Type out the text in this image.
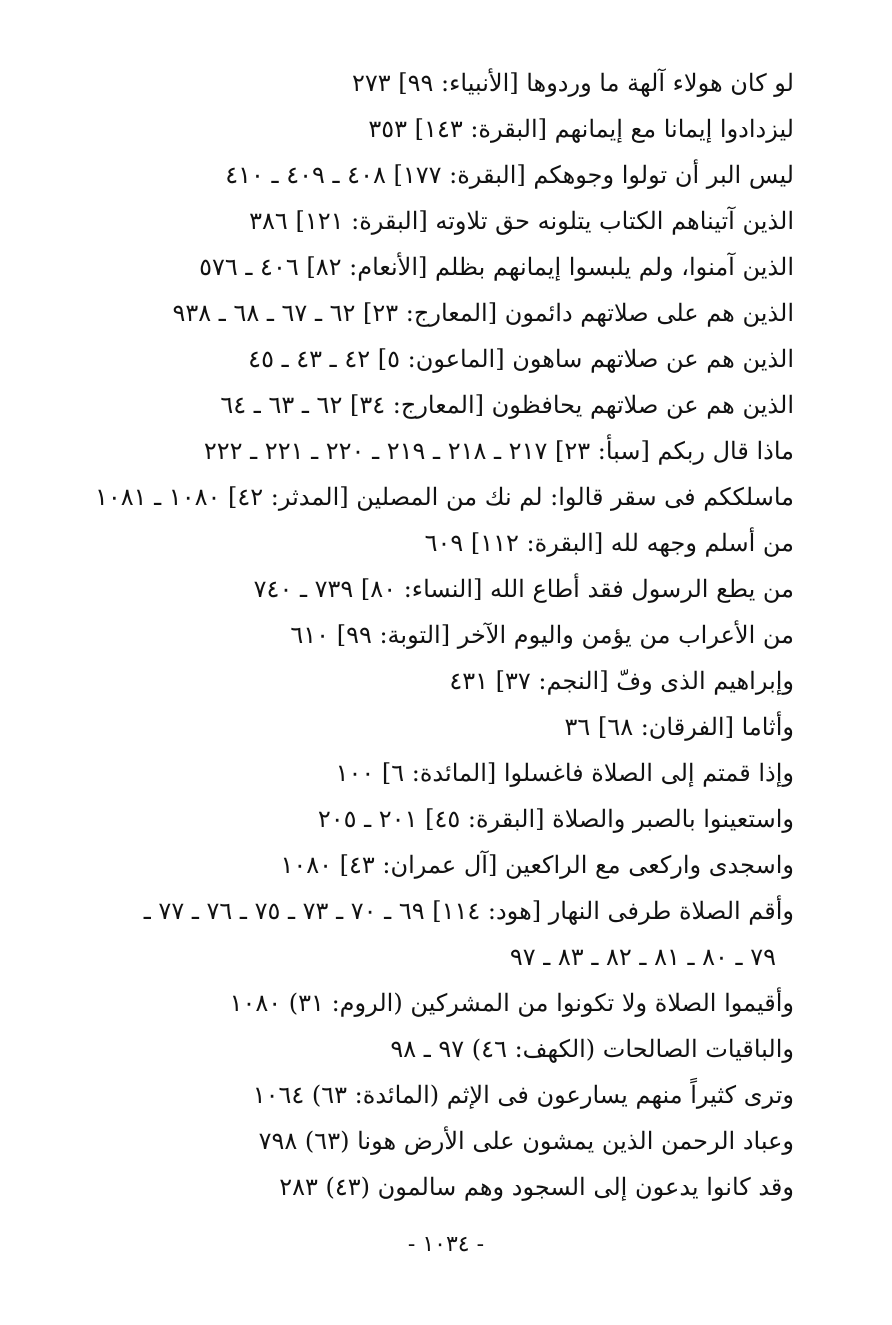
لو كان هولاء آلهة ما وردوها [الأنبياء: ٩٩] ٢٧٣
ليزدادوا إيمانا مع إيمانهم [البقرة: ١٤٣] ٣٥٣
ليس البر أن تولوا وجوهكم [البقرة: ١٧٧] ٤٠٨ ـ ٤٠٩ ـ ٤١٠
الذين آتيناهم الكتاب يتلونه حق تلاوته [البقرة: ١٢١] ٣٨٦
الذين آمنوا، ولم يلبسوا إيمانهم بظلم [الأنعام: ٨٢] ٤٠٦ ـ ٥٧٦
الذين هم على صلاتهم دائمون [المعارج: ٢٣] ٦٢ ـ ٦٧ ـ ٦٨ ـ ٩٣٨
الذين هم عن صلاتهم ساهون [الماعون: ٥] ٤٢ ـ ٤٣ ـ ٤٥
الذين هم عن صلاتهم يحافظون [المعارج: ٣٤] ٦٢ ـ ٦٣ ـ ٦٤
ماذا قال ربكم [سبأ: ٢٣] ٢١٧ ـ ٢١٨ ـ ٢١٩ ـ ٢٢٠ ـ ٢٢١ ـ ٢٢٢
ماسلككم فى سقر قالوا: لم نك من المصلين [المدثر: ٤٢] ١٠٨٠ ـ ١٠٨١
من أسلم وجهه لله [البقرة: ١١٢] ٦٠٩
من يطع الرسول فقد أطاع الله [النساء: ٨٠] ٧٣٩ ـ ٧٤٠
من الأعراب من يؤمن واليوم الآخر [التوبة: ٩٩] ٦١٠
وإبراهيم الذى وفّ [النجم: ٣٧] ٤٣١
وأثاما [الفرقان: ٦٨] ٣٦
وإذا قمتم إلى الصلاة فاغسلوا [المائدة: ٦] ١٠٠
واستعينوا بالصبر والصلاة [البقرة: ٤٥] ٢٠١ ـ ٢٠٥
واسجدى واركعى مع الراكعين [آل عمران: ٤٣] ١٠٨٠
وأقم الصلاة طرفى النهار [هود: ١١٤] ٦٩ ـ ٧٠ ـ ٧٣ ـ ٧٥ ـ ٧٦ ـ ٧٧ ـ
٧٩ ـ ٨٠ ـ ٨١ ـ ٨٢ ـ ٨٣ ـ ٩٧
وأقيموا الصلاة ولا تكونوا من المشركين (الروم: ٣١) ١٠٨٠
والباقيات الصالحات (الكهف: ٤٦) ٩٧ ـ ٩٨
وترى كثيراً منهم يسارعون فى الإثم (المائدة: ٦٣) ١٠٦٤
وعباد الرحمن الذين يمشون على الأرض هونا (٦٣) ٧٩٨
وقد كانوا يدعون إلى السجود وهم سالمون (٤٣) ٢٨٣
- ١٠٣٤ -
